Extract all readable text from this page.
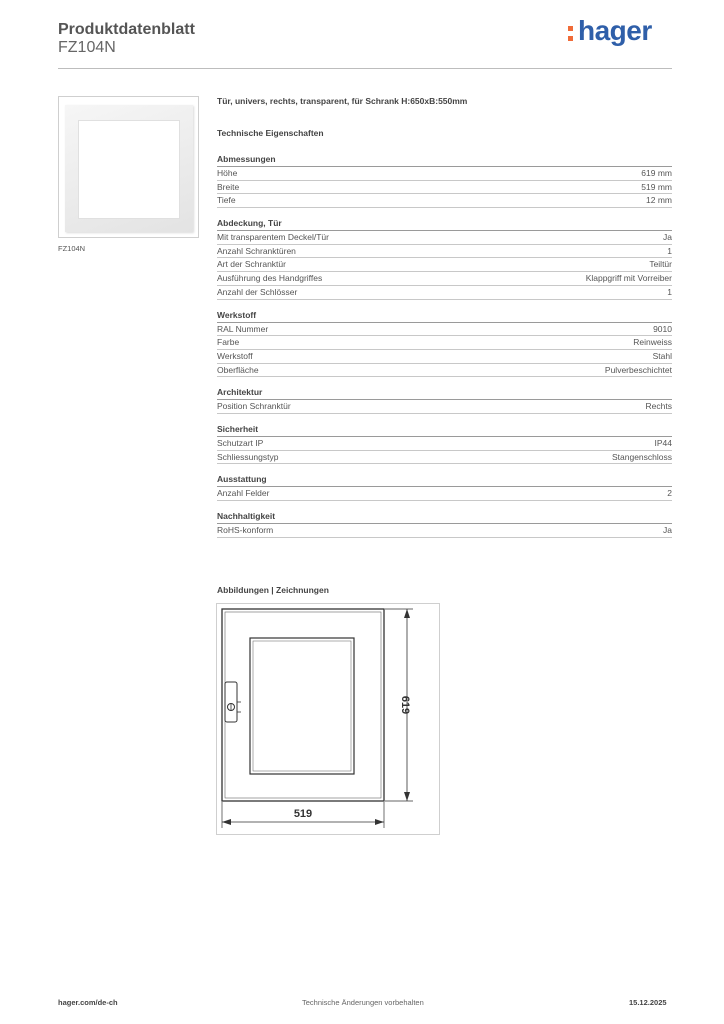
Produktdatenblatt
FZ104N
hager
FZ104N
Tür, univers, rechts, transparent, für Schrank H:650xB:550mm
Technische Eigenschaften
Abmessungen
Höhe	619 mm
Breite	519 mm
Tiefe	12 mm
Abdeckung, Tür
Mit transparentem Deckel/Tür	Ja
Anzahl Schranktüren	1
Art der Schranktür	Teiltür
Ausführung des Handgriffes	Klappgriff mit Vorreiber
Anzahl der Schlösser	1
Werkstoff
RAL Nummer	9010
Farbe	Reinweiss
Werkstoff	Stahl
Oberfläche	Pulverbeschichtet
Architektur
Position Schranktür	Rechts
Sicherheit
Schutzart IP	IP44
Schliessungstyp	Stangenschloss
Ausstattung
Anzahl Felder	2
Nachhaltigkeit
RoHS-konform	Ja
Abbildungen | Zeichnungen
619
519
hager.com/de-ch	Technische Änderungen vorbehalten	15.12.2025
